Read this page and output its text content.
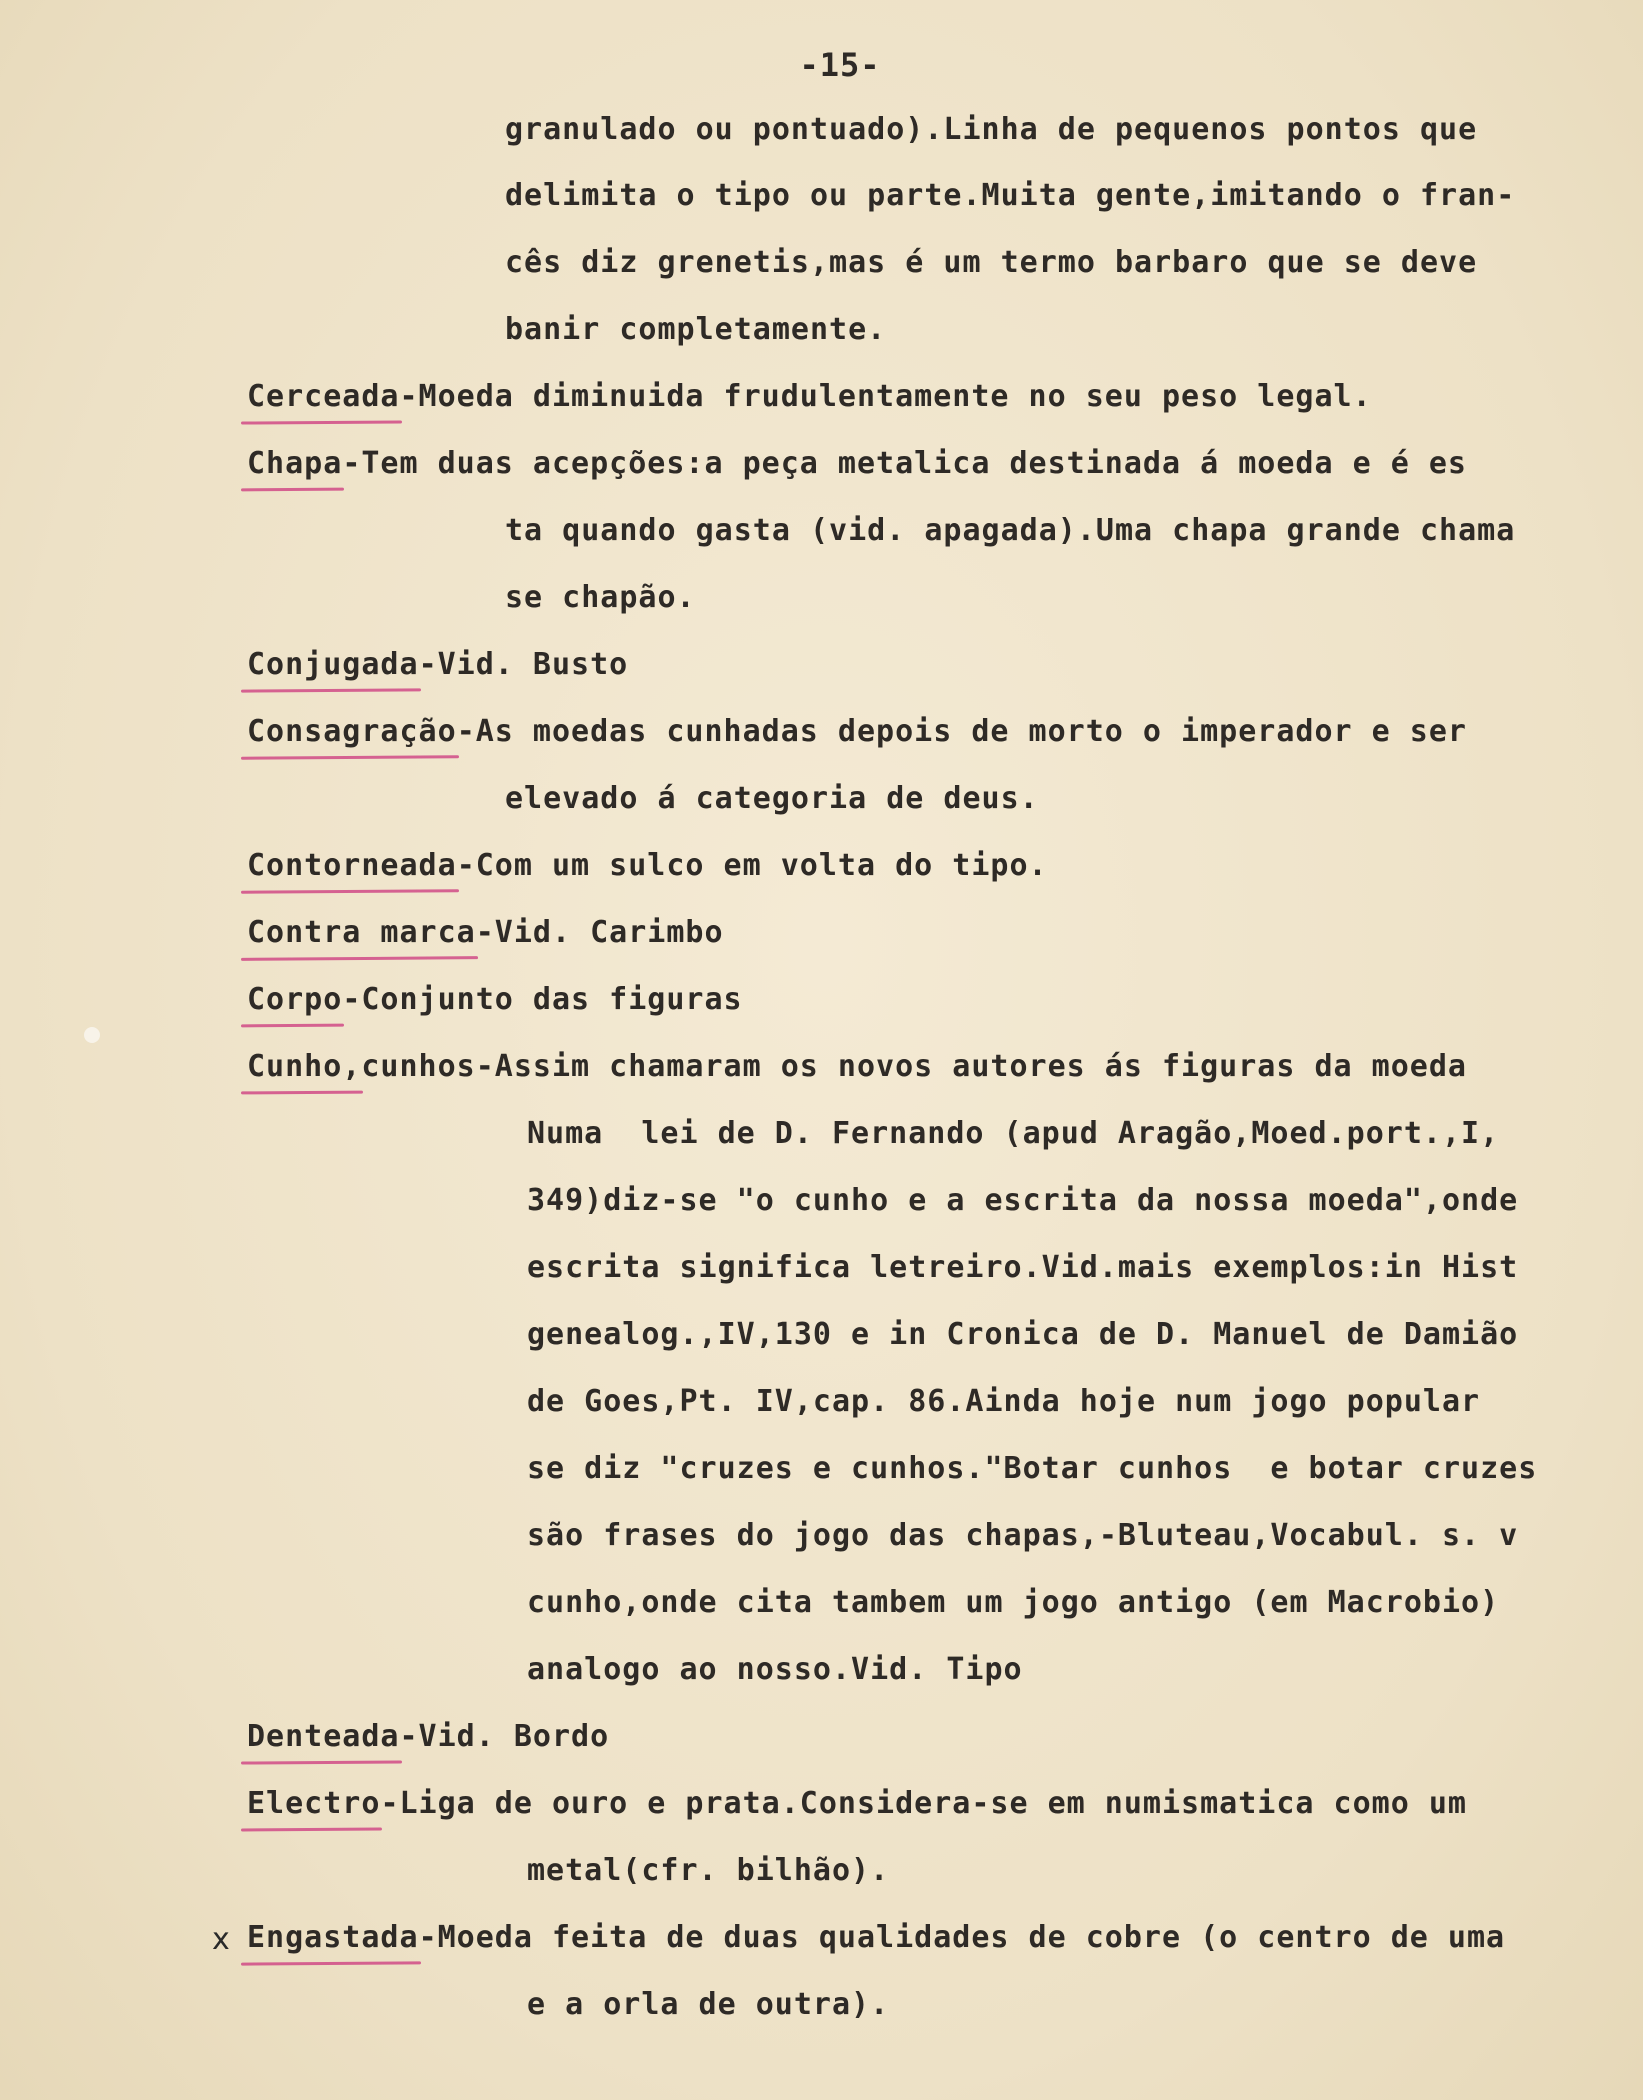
-15-
granulado ou pontuado).Linha de pequenos pontos que
delimita o tipo ou parte.Muita gente,imitando o fran-
cês diz grenetis,mas é um termo barbaro que se deve
banir completamente.
Cerceada-Moeda diminuida frudulentamente no seu peso legal.
Chapa-Tem duas acepções:a peça metalica destinada á moeda e é es
ta quando gasta (vid. apagada).Uma chapa grande chama
se chapão.
Conjugada-Vid. Busto
Consagração-As moedas cunhadas depois de morto o imperador e ser
elevado á categoria de deus.
Contorneada-Com um sulco em volta do tipo.
Contra marca-Vid. Carimbo
Corpo-Conjunto das figuras
Cunho,cunhos-Assim chamaram os novos autores ás figuras da moeda
Numa  lei de D. Fernando (apud Aragão,Moed.port.,I,
349)diz-se "o cunho e a escrita da nossa moeda",onde
escrita significa letreiro.Vid.mais exemplos:in Hist
genealog.,IV,130 e in Cronica de D. Manuel de Damião
de Goes,Pt. IV,cap. 86.Ainda hoje num jogo popular
se diz "cruzes e cunhos."Botar cunhos  e botar cruzes
são frases do jogo das chapas,-Bluteau,Vocabul. s. v
cunho,onde cita tambem um jogo antigo (em Macrobio)
analogo ao nosso.Vid. Tipo
Denteada-Vid. Bordo
Electro-Liga de ouro e prata.Considera-se em numismatica como um
metal(cfr. bilhão).
x Engastada-Moeda feita de duas qualidades de cobre (o centro de uma
e a orla de outra).
